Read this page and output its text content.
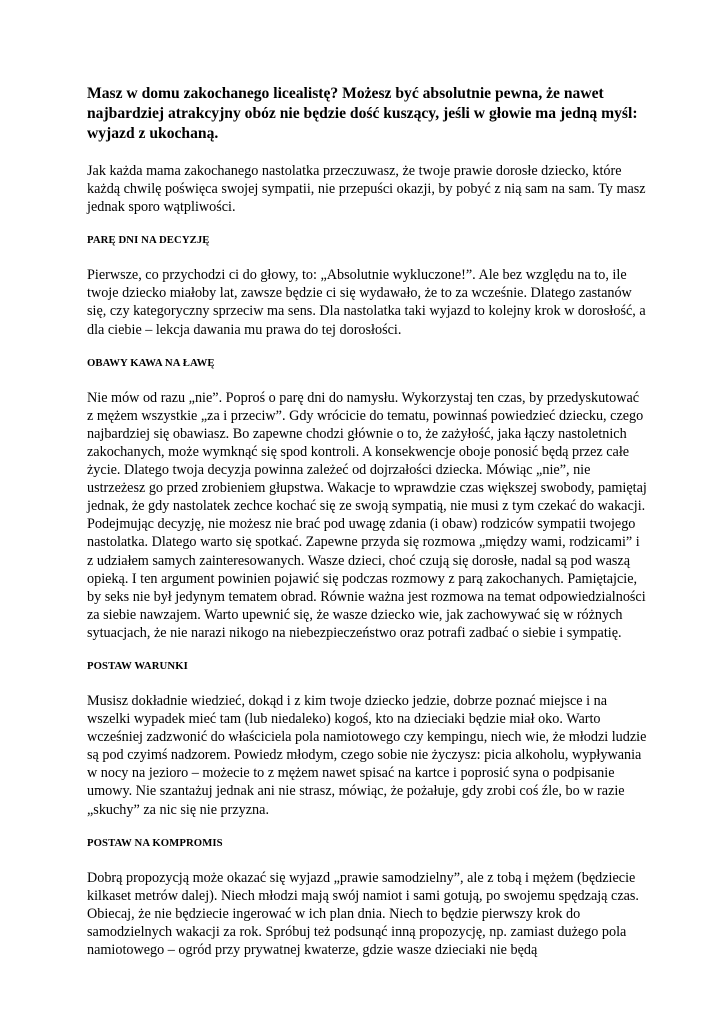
Masz w domu zakochanego licealistę? Możesz być absolutnie pewna, że nawet najbardziej atrakcyjny obóz nie będzie dość kuszący, jeśli w głowie ma jedną myśl: wyjazd z ukochaną.

Jak każda mama zakochanego nastolatka przeczuwasz, że twoje prawie dorosłe dziecko, które każdą chwilę poświęca swojej sympatii, nie przepuści okazji, by pobyć z nią sam na sam. Ty masz jednak sporo wątpliwości.

PARĘ DNI NA DECYZJĘ

Pierwsze, co przychodzi ci do głowy, to: „Absolutnie wykluczone!”. Ale bez względu na to, ile twoje dziecko miałoby lat, zawsze będzie ci się wydawało, że to za wcześnie. Dlatego zastanów się, czy kategoryczny sprzeciw ma sens. Dla nastolatka taki wyjazd to kolejny krok w dorosłość, a dla ciebie – lekcja dawania mu prawa do tej dorosłości.

OBAWY KAWA NA ŁAWĘ

Nie mów od razu „nie”. Poproś o parę dni do namysłu. Wykorzystaj ten czas, by przedyskutować z mężem wszystkie „za i przeciw”. Gdy wrócicie do tematu, powinnaś powiedzieć dziecku, czego najbardziej się obawiasz. Bo zapewne chodzi głównie o to, że zażyłość, jaka łączy nastoletnich zakochanych, może wymknąć się spod kontroli. A konsekwencje oboje ponosić będą przez całe życie. Dlatego twoja decyzja powinna zależeć od dojrzałości dziecka. Mówiąc „nie”, nie ustrzeżesz go przed zrobieniem głupstwa. Wakacje to wprawdzie czas większej swobody, pamiętaj jednak, że gdy nastolatek zechce kochać się ze swoją sympatią, nie musi z tym czekać do wakacji. Podejmując decyzję, nie możesz nie brać pod uwagę zdania (i obaw) rodziców sympatii twojego nastolatka. Dlatego warto się spotkać. Zapewne przyda się rozmowa „między wami, rodzicami” i z udziałem samych zainteresowanych. Wasze dzieci, choć czują się dorosłe, nadal są pod waszą opieką. I ten argument powinien pojawić się podczas rozmowy z parą zakochanych. Pamiętajcie, by seks nie był jedynym tematem obrad. Równie ważna jest rozmowa na temat odpowiedzialności za siebie nawzajem. Warto upewnić się, że wasze dziecko wie, jak zachowywać się w różnych sytuacjach, że nie narazi nikogo na niebezpieczeństwo oraz potrafi zadbać o siebie i sympatię.

POSTAW WARUNKI

Musisz dokładnie wiedzieć, dokąd i z kim twoje dziecko jedzie, dobrze poznać miejsce i na wszelki wypadek mieć tam (lub niedaleko) kogoś, kto na dzieciaki będzie miał oko. Warto wcześniej zadzwonić do właściciela pola namiotowego czy kempingu, niech wie, że młodzi ludzie są pod czyimś nadzorem. Powiedz młodym, czego sobie nie życzysz: picia alkoholu, wypływania w nocy na jezioro – możecie to z mężem nawet spisać na kartce i poprosić syna o podpisanie umowy. Nie szantażuj jednak ani nie strasz, mówiąc, że pożałuje, gdy zrobi coś źle, bo w razie „skuchy” za nic się nie przyzna.

POSTAW NA KOMPROMIS

Dobrą propozycją może okazać się wyjazd „prawie samodzielny”, ale z tobą i mężem (będziecie kilkaset metrów dalej). Niech młodzi mają swój namiot i sami gotują, po swojemu spędzają czas. Obiecaj, że nie będziecie ingerować w ich plan dnia. Niech to będzie pierwszy krok do samodzielnych wakacji za rok. Spróbuj też podsunąć inną propozycję, np. zamiast dużego pola namiotowego – ogród przy prywatnej kwaterze, gdzie wasze dzieciaki nie będą
